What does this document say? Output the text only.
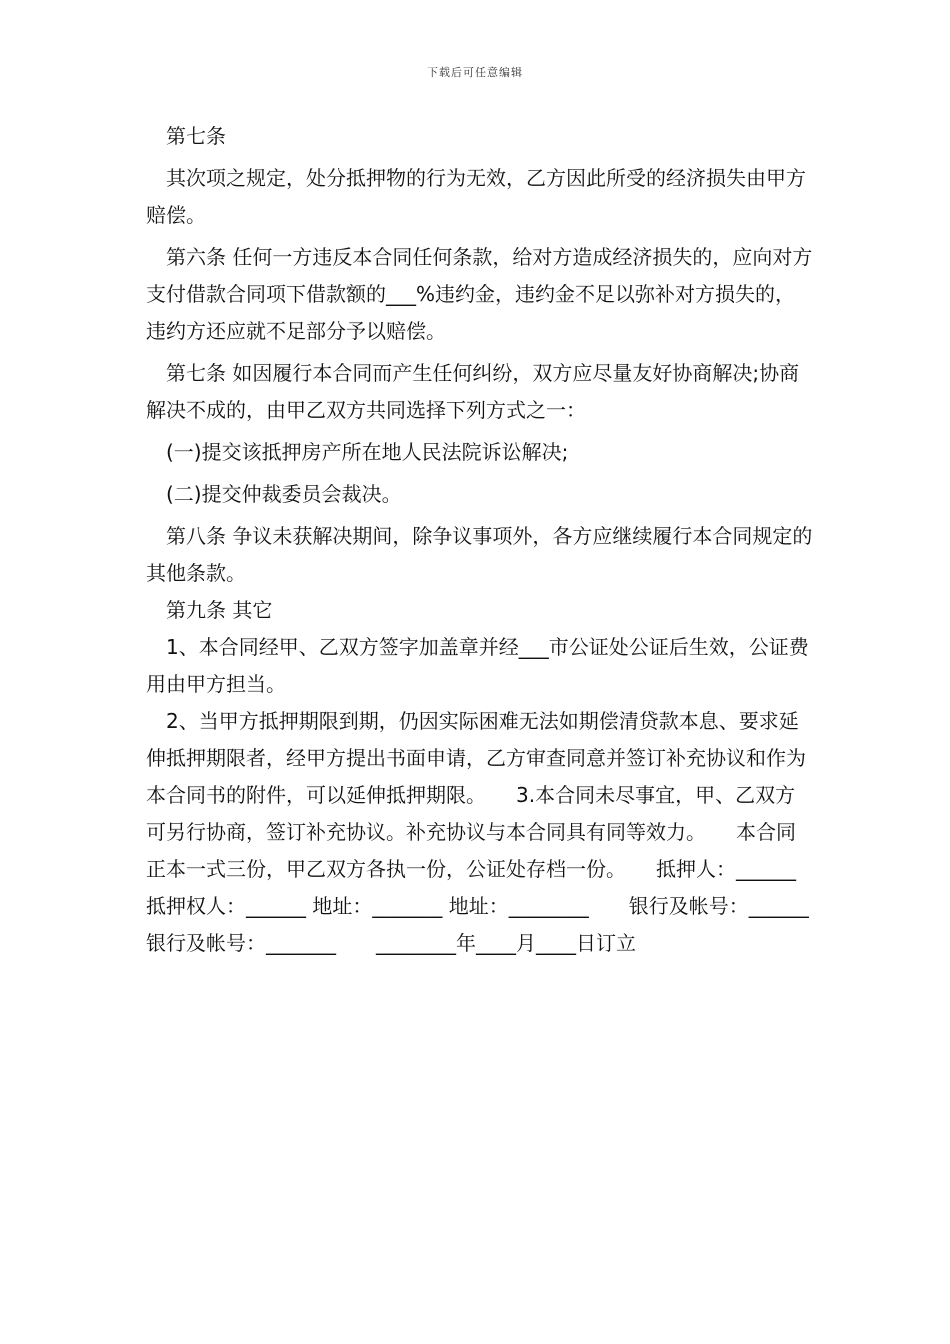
下载后可任意编辑

第七条

其次项之规定，处分抵押物的行为无效，乙方因此所受的经济损失由甲方赔偿。

第六条 任何一方违反本合同任何条款，给对方造成经济损失的，应向对方支付借款合同项下借款额的___%违约金，违约金不足以弥补对方损失的，违约方还应就不足部分予以赔偿。

第七条 如因履行本合同而产生任何纠纷，双方应尽量友好协商解决;协商解决不成的，由甲乙双方共同选择下列方式之一：

(一)提交该抵押房产所在地人民法院诉讼解决;

(二)提交仲裁委员会裁决。

第八条 争议未获解决期间，除争议事项外，各方应继续履行本合同规定的其他条款。

第九条 其它

1、本合同经甲、乙双方签字加盖章并经___市公证处公证后生效，公证费用由甲方担当。

2、当甲方抵押期限到期，仍因实际困难无法如期偿清贷款本息、要求延伸抵押期限者，经甲方提出书面申请，乙方审查同意并签订补充协议和作为本合同书的附件，可以延伸抵押期限。　　3.本合同未尽事宜，甲、乙双方可另行协商，签订补充协议。补充协议与本合同具有同等效力。　　本合同正本一式三份，甲乙双方各执一份，公证处存档一份。　　抵押人：______ 抵押权人：______ 地址：_______ 地址：________　　银行及帐号：______ 银行及帐号：_______　　________年____月____日订立
